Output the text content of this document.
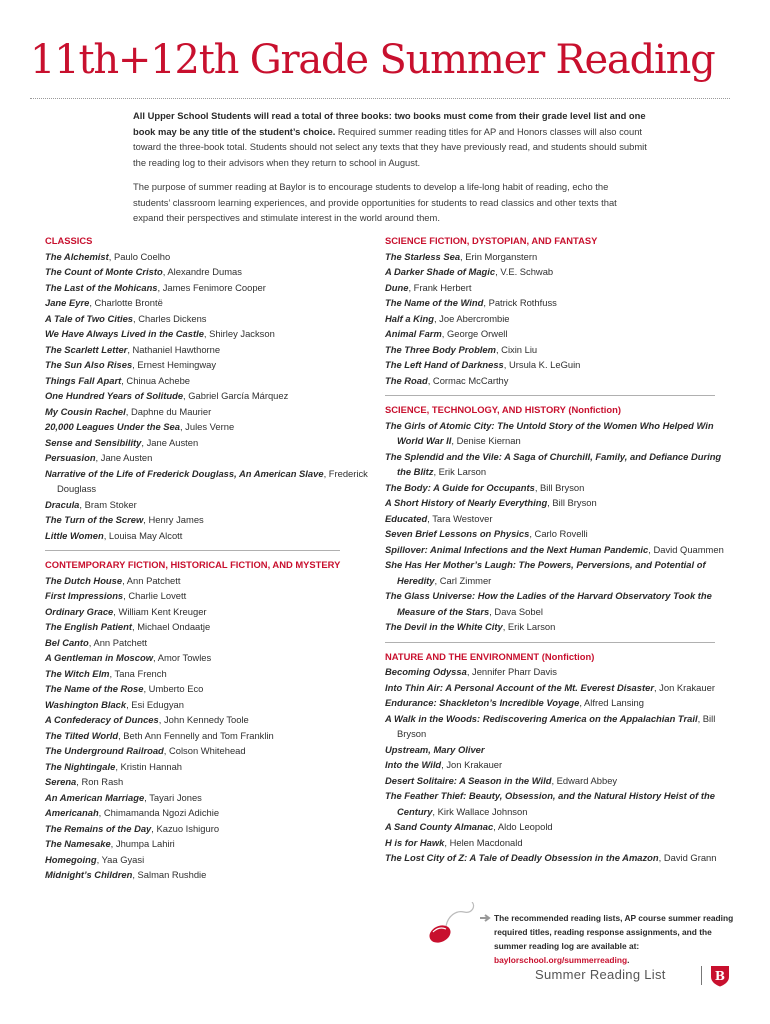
11th+12th Grade Summer Reading

All Upper School Students will read a total of three books: two books must come from their grade level list and one book may be any title of the student’s choice. Required summer reading titles for AP and Honors classes will also count toward the three-book total. Students should not select any texts that they have previously read, and students should submit the reading log to their advisors when they return to school in August.

The purpose of summer reading at Baylor is to encourage students to develop a life-long habit of reading, echo the students’ classroom learning experiences, and provide opportunities for students to read classics and other texts that expand their perspectives and stimulate interest in the world around them.

CLASSICS
The Alchemist, Paulo Coelho
The Count of Monte Cristo, Alexandre Dumas
The Last of the Mohicans, James Fenimore Cooper
Jane Eyre, Charlotte Brontë
A Tale of Two Cities, Charles Dickens
We Have Always Lived in the Castle, Shirley Jackson
The Scarlett Letter, Nathaniel Hawthorne
The Sun Also Rises, Ernest Hemingway
Things Fall Apart, Chinua Achebe
One Hundred Years of Solitude, Gabriel García Márquez
My Cousin Rachel, Daphne du Maurier
20,000 Leagues Under the Sea, Jules Verne
Sense and Sensibility, Jane Austen
Persuasion, Jane Austen
Narrative of the Life of Frederick Douglass, An American Slave, Frederick Douglass
Dracula, Bram Stoker
The Turn of the Screw, Henry James
Little Women, Louisa May Alcott
CONTEMPORARY FICTION, HISTORICAL FICTION, AND MYSTERY
The Dutch House, Ann Patchett
First Impressions, Charlie Lovett
Ordinary Grace, William Kent Kreuger
The English Patient, Michael Ondaatje
Bel Canto, Ann Patchett
A Gentleman in Moscow, Amor Towles
The Witch Elm, Tana French
The Name of the Rose, Umberto Eco
Washington Black, Esi Edugyan
A Confederacy of Dunces, John Kennedy Toole
The Tilted World, Beth Ann Fennelly and Tom Franklin
The Underground Railroad, Colson Whitehead
The Nightingale, Kristin Hannah
Serena, Ron Rash
An American Marriage, Tayari Jones
Americanah, Chimamanda Ngozi Adichie
The Remains of the Day, Kazuo Ishiguro
The Namesake, Jhumpa Lahiri
Homegoing, Yaa Gyasi
Midnight’s Children, Salman Rushdie
SCIENCE FICTION, DYSTOPIAN, AND FANTASY
The Starless Sea, Erin Morganstern
A Darker Shade of Magic, V.E. Schwab
Dune, Frank Herbert
The Name of the Wind, Patrick Rothfuss
Half a King, Joe Abercrombie
Animal Farm, George Orwell
The Three Body Problem, Cixin Liu
The Left Hand of Darkness, Ursula K. LeGuin
The Road, Cormac McCarthy
SCIENCE, TECHNOLOGY, AND HISTORY (Nonfiction)
The Girls of Atomic City: The Untold Story of the Women Who Helped Win World War II, Denise Kiernan
The Splendid and the Vile: A Saga of Churchill, Family, and Defiance During the Blitz, Erik Larson
The Body: A Guide for Occupants, Bill Bryson
A Short History of Nearly Everything, Bill Bryson
Educated, Tara Westover
Seven Brief Lessons on Physics, Carlo Rovelli
Spillover: Animal Infections and the Next Human Pandemic, David Quammen
She Has Her Mother’s Laugh: The Powers, Perversions, and Potential of Heredity, Carl Zimmer
The Glass Universe: How the Ladies of the Harvard Observatory Took the Measure of the Stars, Dava Sobel
The Devil in the White City, Erik Larson
NATURE AND THE ENVIRONMENT (Nonfiction)
Becoming Odyssa, Jennifer Pharr Davis
Into Thin Air: A Personal Account of the Mt. Everest Disaster, Jon Krakauer
Endurance: Shackleton’s Incredible Voyage, Alfred Lansing
A Walk in the Woods: Rediscovering America on the Appalachian Trail, Bill Bryson
Upstream, Mary Oliver
Into the Wild, Jon Krakauer
Desert Solitaire: A Season in the Wild, Edward Abbey
The Feather Thief: Beauty, Obsession, and the Natural History Heist of the Century, Kirk Wallace Johnson
A Sand County Almanac, Aldo Leopold
H is for Hawk, Helen Macdonald
The Lost City of Z: A Tale of Deadly Obsession in the Amazon, David Grann
The recommended reading lists, AP course summer reading required titles, reading response assignments, and the summer reading log are available at: baylorschool.org/summerreading.
Summer Reading List	B
